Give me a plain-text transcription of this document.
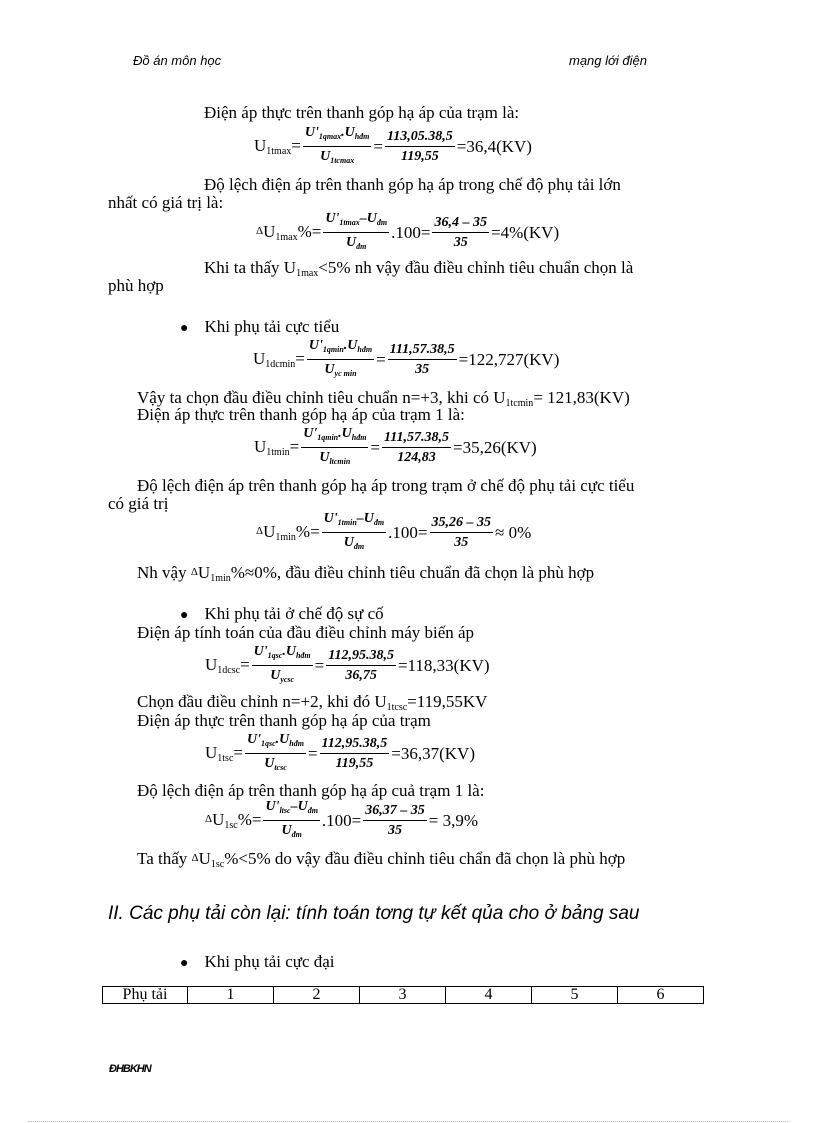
Đồ án môn học	mạng lới điện
Điện áp thực trên thanh góp hạ áp của trạm là:
$U_{1tmax}= \frac{U'_{1qmax}.U_{hđm}}{U_{1tcmax}} = \frac{113,05.38,5}{119,55} =36,4(KV)$
Độ lệch điện áp trên thanh góp hạ áp trong chế độ phụ tải lớn
nhất có giá trị là:
$\Delta U_{1max}\%= \frac{U'_{1tmax}-U_{đm}}{U_{đm}} .100= \frac{36,4 - 35}{35} =4\%(KV)$
Khi ta thấy $U_{1max}<5\%$ nh vậy đầu điều chỉnh tiêu chuẩn chọn là
phù hợp
● Khi phụ tải cực tiểu
$U_{1dcmin}= \frac{U'_{1qmin}.U_{hđm}}{U_{yc min}} = \frac{111,57.38,5}{35} =122,727(KV)$
Vậy ta chọn đầu điều chỉnh tiêu chuẩn n=+3, khi có $U_{1tcmin}= 121,83(KV)$
Điện áp thực trên thanh góp hạ áp của trạm 1 là:
$U_{1tmin}= \frac{U'_{1qmin}.U_{hđm}}{U_{ltcmin}} = \frac{111,57.38,5}{124,83} =35,26(KV)$
Độ lệch điện áp trên thanh góp hạ áp trong trạm ở chế độ phụ tải cực tiểu
có giá trị
$\Delta U_{1min}\%= \frac{U'_{1tmin}-U_{đm}}{U_{đm}} .100= \frac{35,26 - 35}{35} \approx 0\%$
Nh vậy $\Delta U_{1min}\%\approx 0\%$, đầu điều chỉnh tiêu chuẩn đã chọn là phù hợp
● Khi phụ tải ở chế độ sự cố
Điện áp tính toán của đầu điều chỉnh máy biến áp
$U_{1dcsc}= \frac{U'_{1qsc}.U_{hđm}}{U_{ycsc}} = \frac{112,95.38,5}{36,75} =118,33(KV)$
Chọn đầu điều chỉnh n=+2, khi đó $U_{1tcsc}=119,55KV$
Điện áp thực trên thanh góp hạ áp của trạm
$U_{1tsc}= \frac{U'_{1qsc}.U_{hđm}}{U_{tcsc}} = \frac{112,95.38,5}{119,55} =36,37(KV)$
Độ lệch điện áp trên thanh góp hạ áp cuả trạm 1 là:
$\Delta U_{1sc}\%= \frac{U'_{ltsc}-U_{đm}}{U_{đm}} .100= \frac{36,37 - 35}{35} = 3,9\%$
Ta thấy $\Delta U_{1sc}\%<5\%$ do vậy đầu điều chỉnh tiêu chẩn đã chọn là phù hợp
II. Các phụ tải còn lại: tính toán tơng tự kết qủa cho ở bảng sau
● Khi phụ tải cực đại
Phụ tải	1	2	3	4	5	6
ĐHBKHN
